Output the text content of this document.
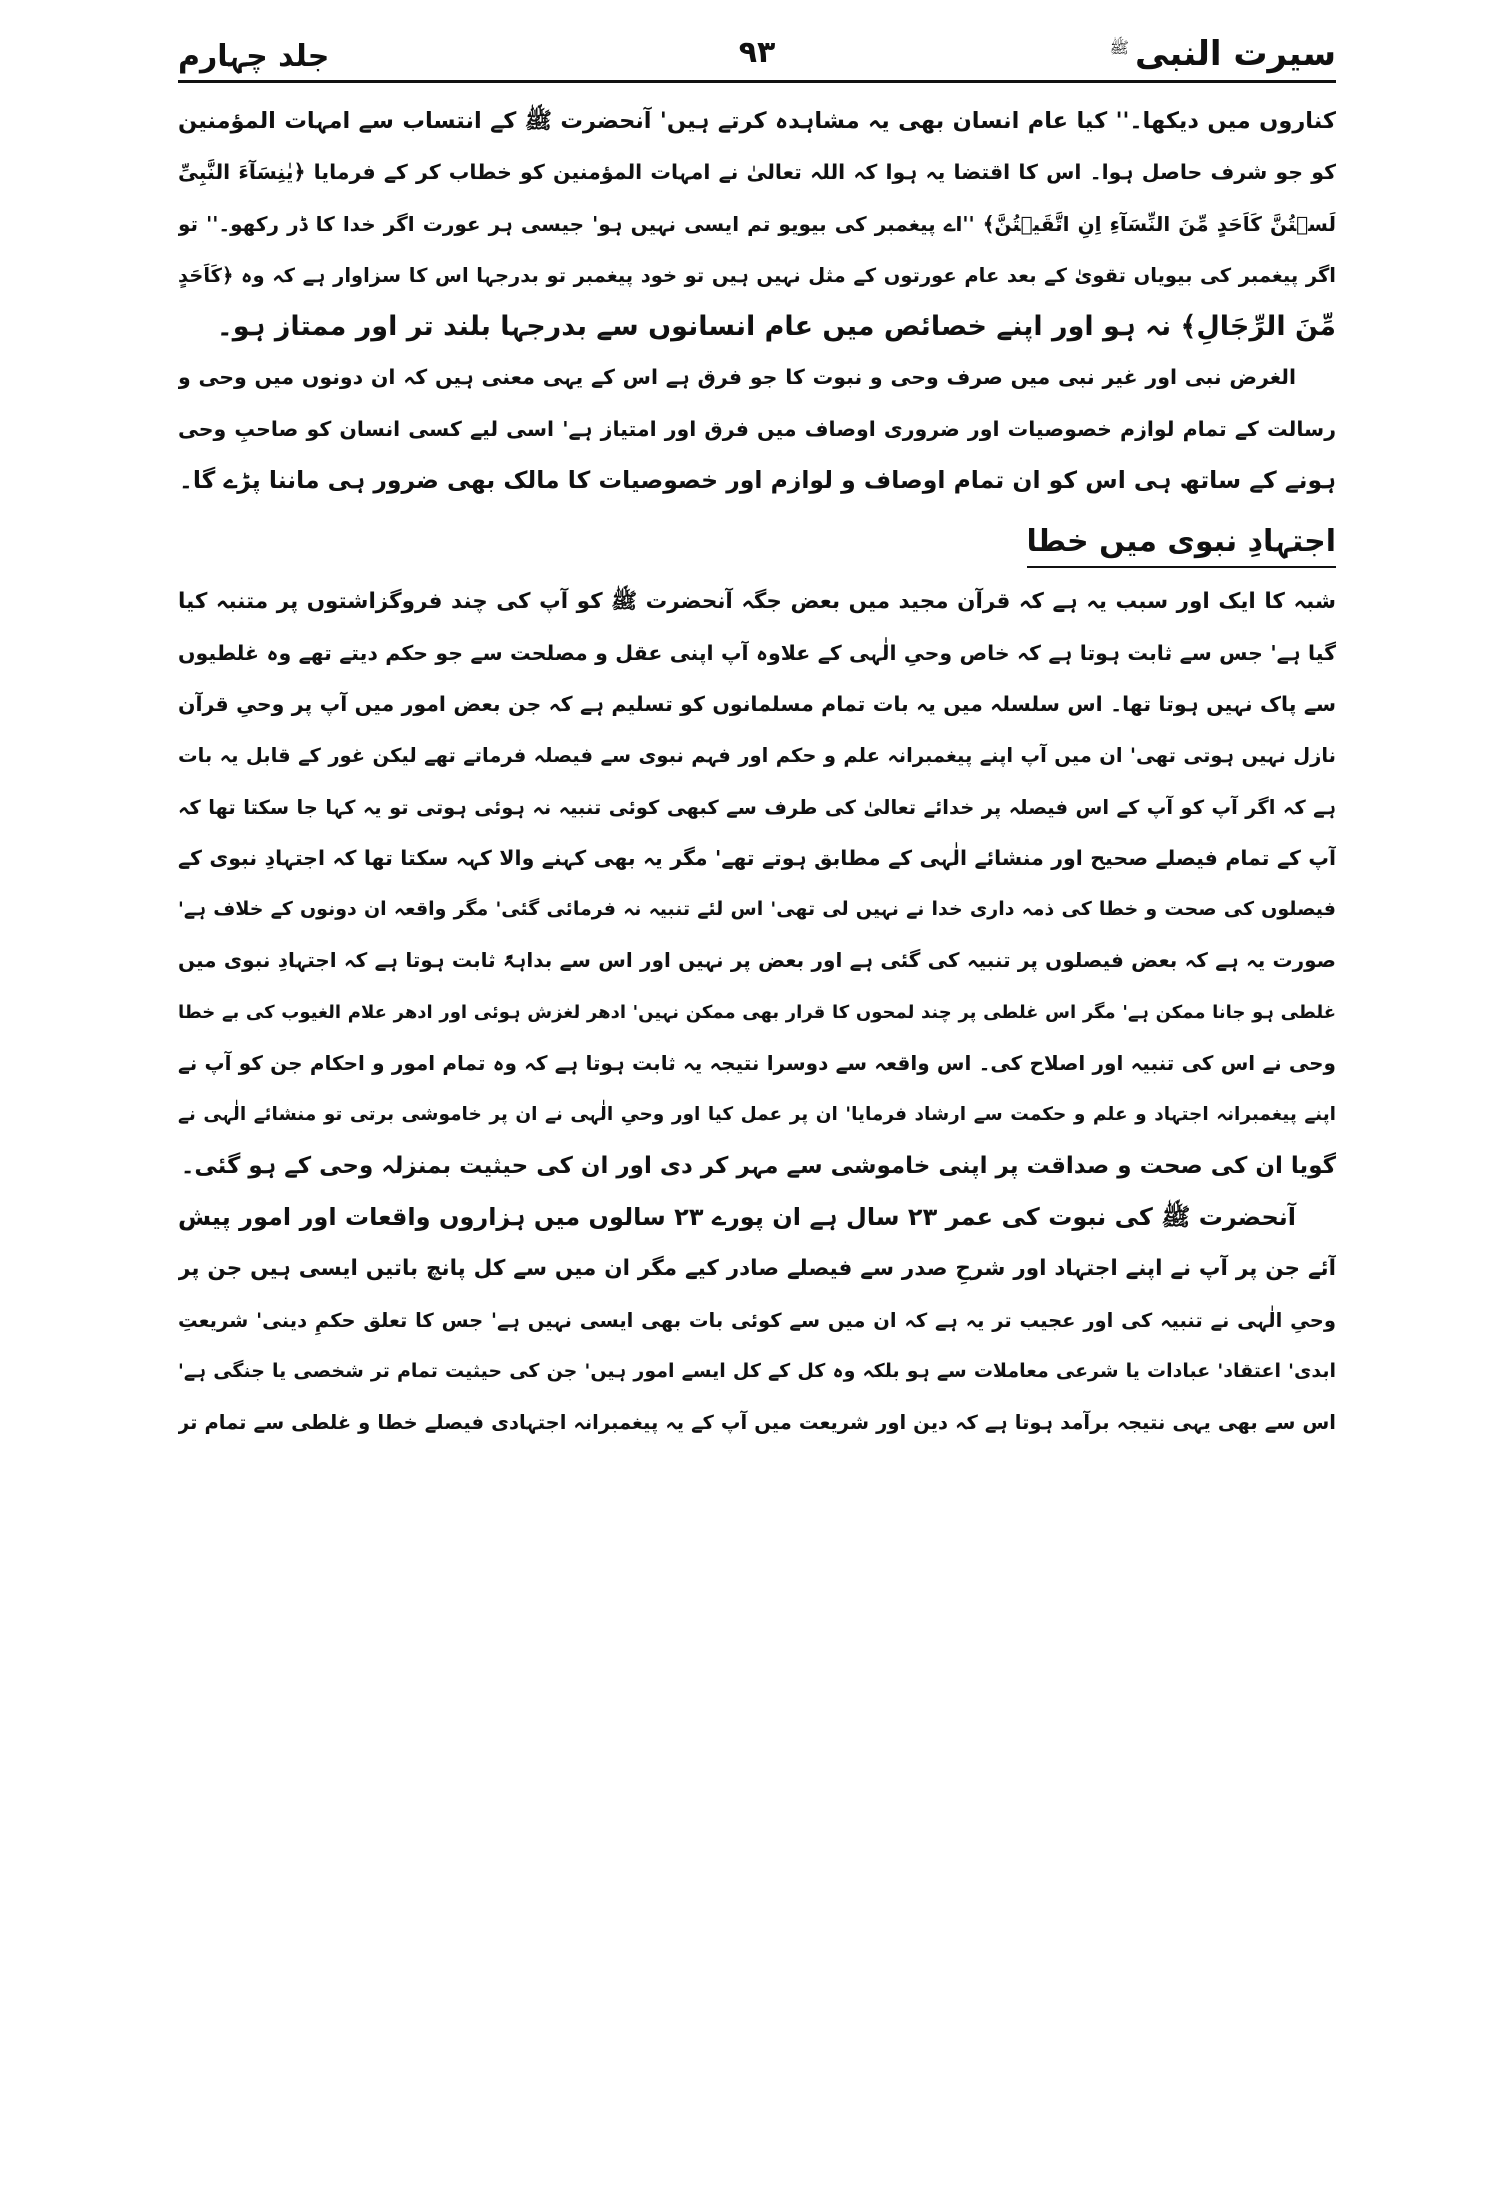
سیرت النبی$^ﷺ$
۹۳
جلد چہارم
کناروں میں دیکھا۔'' کیا عام انسان بھی یہ مشاہدہ کرتے ہیں' آنحضرت ﷺ کے انتساب سے امہات المؤمنین
کو جو شرف حاصل ہوا۔ اس کا اقتضا یہ ہوا کہ اللہ تعالیٰ نے امہات المؤمنین کو خطاب کر کے فرمایا ﴿یٰنِسَآءَ النَّبِیِّ
لَسۡتُنَّ کَاَحَدٍ مِّنَ النِّسَآءِ اِنِ اتَّقَیۡتُنَّ﴾ ''اے پیغمبر کی بیویو تم ایسی نہیں ہو' جیسی ہر عورت اگر خدا کا ڈر رکھو۔'' تو
اگر پیغمبر کی بیویاں تقویٰ کے بعد عام عورتوں کے مثل نہیں ہیں تو خود پیغمبر تو بدرجہا اس کا سزاوار ہے کہ وہ ﴿کَاَحَدٍ
مِّنَ الرِّجَالِ﴾ نہ ہو اور اپنے خصائص میں عام انسانوں سے بدرجہا بلند تر اور ممتاز ہو۔
الغرض نبی اور غیر نبی میں صرف وحی و نبوت کا جو فرق ہے اس کے یہی معنی ہیں کہ ان دونوں میں وحی و
رسالت کے تمام لوازم خصوصیات اور ضروری اوصاف میں فرق اور امتیاز ہے' اسی لیے کسی انسان کو صاحبِ وحی
ہونے کے ساتھ ہی اس کو ان تمام اوصاف و لوازم اور خصوصیات کا مالک بھی ضرور ہی ماننا پڑے گا۔
اجتہادِ نبوی میں خطا
شبہ کا ایک اور سبب یہ ہے کہ قرآن مجید میں بعض جگہ آنحضرت ﷺ کو آپ کی چند فروگزاشتوں پر متنبہ کیا
گیا ہے' جس سے ثابت ہوتا ہے کہ خاص وحیِ الٰہی کے علاوہ آپ اپنی عقل و مصلحت سے جو حکم دیتے تھے وہ غلطیوں
سے پاک نہیں ہوتا تھا۔ اس سلسلہ میں یہ بات تمام مسلمانوں کو تسلیم ہے کہ جن بعض امور میں آپ پر وحیِ قرآن
نازل نہیں ہوتی تھی' ان میں آپ اپنے پیغمبرانہ علم و حکم اور فہم نبوی سے فیصلہ فرماتے تھے لیکن غور کے قابل یہ بات
ہے کہ اگر آپ کو آپ کے اس فیصلہ پر خدائے تعالیٰ کی طرف سے کبھی کوئی تنبیہ نہ ہوئی ہوتی تو یہ کہا جا سکتا تھا کہ
آپ کے تمام فیصلے صحیح اور منشائے الٰہی کے مطابق ہوتے تھے' مگر یہ بھی کہنے والا کہہ سکتا تھا کہ اجتہادِ نبوی کے
فیصلوں کی صحت و خطا کی ذمہ داری خدا نے نہیں لی تھی' اس لئے تنبیہ نہ فرمائی گئی' مگر واقعہ ان دونوں کے خلاف ہے'
صورت یہ ہے کہ بعض فیصلوں پر تنبیہ کی گئی ہے اور بعض پر نہیں اور اس سے بداہۃً ثابت ہوتا ہے کہ اجتہادِ نبوی میں
غلطی ہو جانا ممکن ہے' مگر اس غلطی پر چند لمحوں کا قرار بھی ممکن نہیں' ادھر لغزش ہوئی اور ادھر علام الغیوب کی بے خطا
وحی نے اس کی تنبیہ اور اصلاح کی۔ اس واقعہ سے دوسرا نتیجہ یہ ثابت ہوتا ہے کہ وہ تمام امور و احکام جن کو آپ نے
اپنے پیغمبرانہ اجتہاد و علم و حکمت سے ارشاد فرمایا' ان پر عمل کیا اور وحیِ الٰہی نے ان پر خاموشی برتی تو منشائے الٰہی نے
گویا ان کی صحت و صداقت پر اپنی خاموشی سے مہر کر دی اور ان کی حیثیت بمنزلہ وحی کے ہو گئی۔
آنحضرت ﷺ کی نبوت کی عمر ۲۳ سال ہے ان پورے ۲۳ سالوں میں ہزاروں واقعات اور امور پیش
آئے جن پر آپ نے اپنے اجتہاد اور شرحِ صدر سے فیصلے صادر کیے مگر ان میں سے کل پانچ باتیں ایسی ہیں جن پر
وحیِ الٰہی نے تنبیہ کی اور عجیب تر یہ ہے کہ ان میں سے کوئی بات بھی ایسی نہیں ہے' جس کا تعلق حکمِ دینی' شریعتِ
ابدی' اعتقاد' عبادات یا شرعی معاملات سے ہو بلکہ وہ کل کے کل ایسے امور ہیں' جن کی حیثیت تمام تر شخصی یا جنگی ہے'
اس سے بھی یہی نتیجہ برآمد ہوتا ہے کہ دین اور شریعت میں آپ کے یہ پیغمبرانہ اجتہادی فیصلے خطا و غلطی سے تمام تر
